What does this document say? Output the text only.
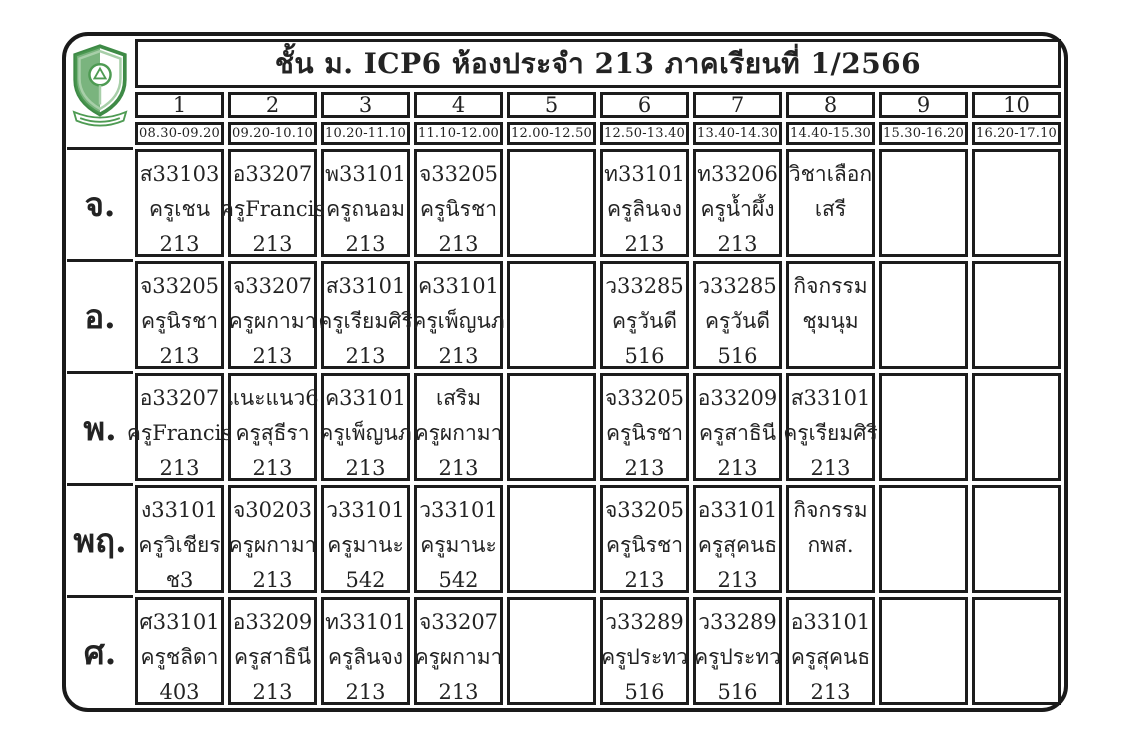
ชั้น ม. ICP6 ห้องประจำ 213 ภาคเรียนที่ 1/2566
1
08.30-09.20
2
09.20-10.10
3
10.20-11.10
4
11.10-12.00
5
12.00-12.50
6
12.50-13.40
7
13.40-14.30
8
14.40-15.30
9
15.30-16.20
10
16.20-17.10
จ.
ส33103
ครูเชน
213
อ33207
ครูFrancis
213
พ33101
ครูถนอม
213
จ33205
ครูนิรชา
213
ท33101
ครูลินจง
213
ท33206
ครูน้ำผึ้ง
213
วิชาเลือก
เสรี
อ.
จ33205
ครูนิรชา
213
จ33207
ครูผกามา
213
ส33101
ครูเรียมศิริ
213
ค33101
ครูเพ็ญนภ
213
ว33285
ครูวันดี
516
ว33285
ครูวันดี
516
กิจกรรม
ชุมนุม
พ.
อ33207
ครูFrancis
213
แนะแนว6
ครูสุธีรา
213
ค33101
ครูเพ็ญนภ
213
เสริม
ครูผกามา
213
จ33205
ครูนิรชา
213
อ33209
ครูสาธินี
213
ส33101
ครูเรียมศิริ
213
พฤ.
ง33101
ครูวิเชียร
ช3
จ30203
ครูผกามา
213
ว33101
ครูมานะ
542
ว33101
ครูมานะ
542
จ33205
ครูนิรชา
213
อ33101
ครูสุคนธ
213
กิจกรรม
กพส.
ศ.
ศ33101
ครูชลิดา
403
อ33209
ครูสาธินี
213
ท33101
ครูลินจง
213
จ33207
ครูผกามา
213
ว33289
ครูประทว
516
ว33289
ครูประทว
516
อ33101
ครูสุคนธ
213
